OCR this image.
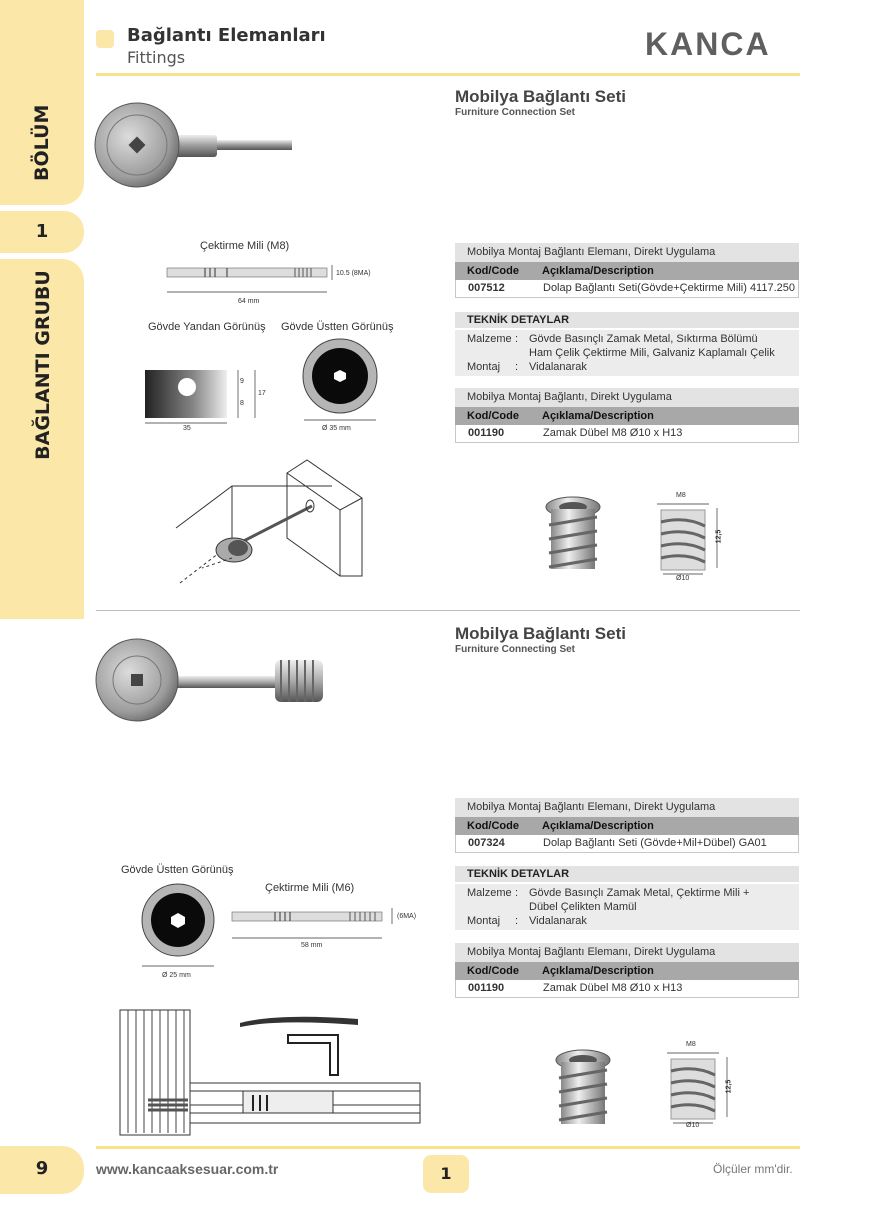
BÖLÜM
1
BAĞLANTI GRUBU
9
Bağlantı Elemanları
Fittings	KANCA
Mobilya Bağlantı Seti
Furniture Connection Set
Çektirme Mili (M8)
10.5 (8MA)
64 mm
Gövde Yandan Görünüş Gövde Üstten Görünüş
9
8
17
35	Ø 35 mm
Mobilya Montaj Bağlantı Elemanı, Direkt Uygulama
Kod/Code	Açıklama/Description
007512	Dolap Bağlantı Seti(Gövde+Çektirme Mili) 4117.250
TEKNİK DETAYLAR
Malzeme : Gövde Basınçlı Zamak Metal, Sıktırma Bölümü
Ham Çelik Çektirme Mili, Galvaniz Kaplamalı Çelik
Montaj	: Vidalanarak
Mobilya Montaj Bağlantı, Direkt Uygulama
Kod/Code	Açıklama/Description
001190	Zamak Dübel M8 Ø10 x H13
M8
12,5
Ø10
Mobilya Bağlantı Seti
Furniture Connecting Set
Mobilya Montaj Bağlantı Elemanı, Direkt Uygulama
Kod/Code	Açıklama/Description
007324	Dolap Bağlantı Seti (Gövde+Mil+Dübel) GA01
TEKNİK DETAYLAR
Malzeme : Gövde Basınçlı Zamak Metal, Çektirme Mili +
Dübel Çelikten Mamül
Montaj	: Vidalanarak
Mobilya Montaj Bağlantı Elemanı, Direkt Uygulama
Kod/Code	Açıklama/Description
001190	Zamak Dübel M8 Ø10 x H13
Gövde Üstten Görünüş
Ø 25 mm
Çektirme Mili (M6)
(6MA)
58 mm
M8
12,5
Ø10
www.kancaaksesuar.com.tr	1	Ölçüler mm'dir.
